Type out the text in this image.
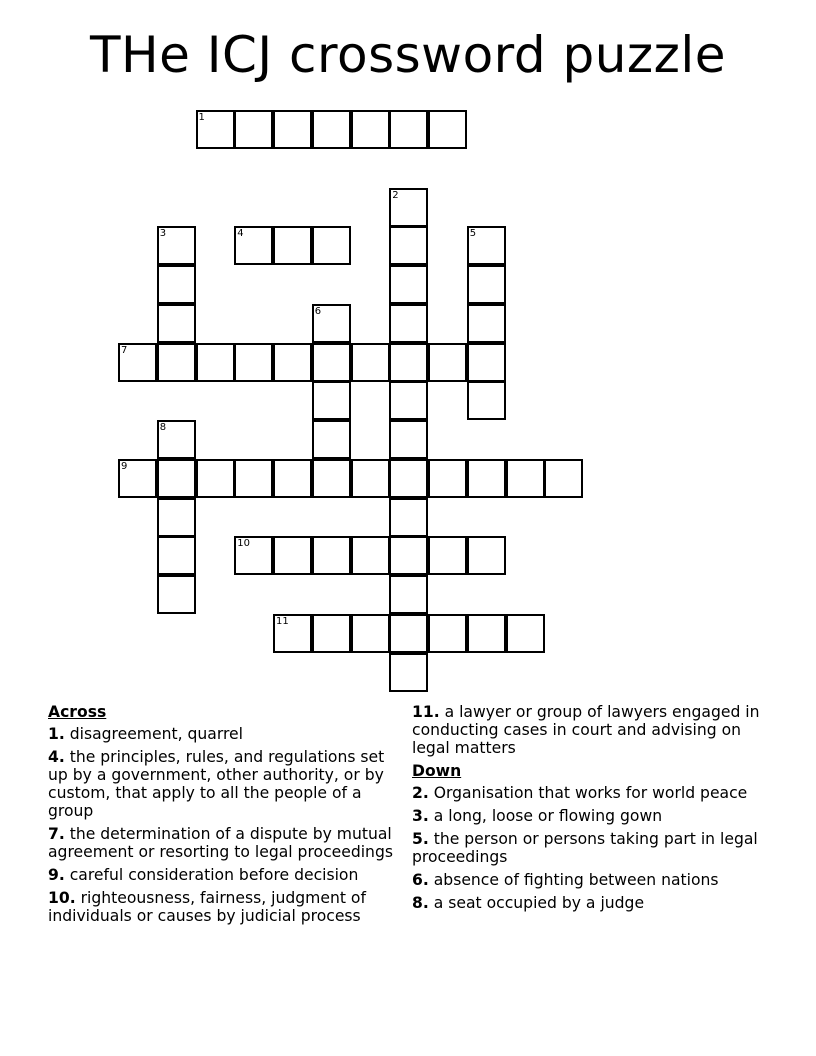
THe ICJ crossword puzzle
1
4
7
9
10
11
2
3	5
6
8
Across
1. disagreement, quarrel
4. the principles, rules, and regulations set up by a government, other authority, or by custom, that apply to all the people of a group
7. the determination of a dispute by mutual agreement or resorting to legal proceedings
9. careful consideration before decision
10. righteousness, fairness, judgment of individuals or causes by judicial process
11. a lawyer or group of lawyers engaged in conducting cases in court and advising on legal matters
Down
2. Organisation that works for world peace
3. a long, loose or flowing gown
5. the person or persons taking part in legal proceedings
6. absence of fighting between nations
8. a seat occupied by a judge
